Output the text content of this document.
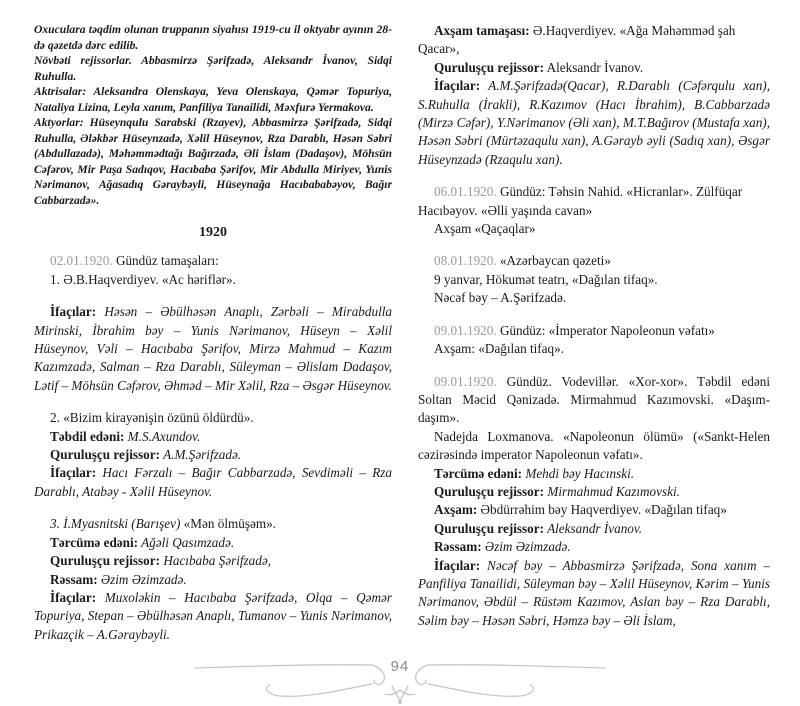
Oxuculara təqdim olunan truppanın siyahısı 1919-cu il oktyabr ayının 28-də qəzetdə dərc edilib.

Növbəti rejissorlar. Abbasmirzə Şərifzadə, Aleksandr İvanov, Sidqi Ruhulla.

Aktrisalar: Aleksandra Olenskaya, Yeva Olenskaya, Qəmər Topuriya, Nataliya Lizina, Leyla xanım, Panfiliya Tanailidi, Məxfurə Yermakova.

Aktyorlar: Hüseynqulu Sarabski (Rzayev), Abbasmirzə Şərifzadə, Sidqi Ruhulla, Ələkbər Hüseynzadə, Xəlil Hüseynov, Rza Darablı, Həsən Səbri (Abdullazadə), Məhəmmədtağı Bağırzadə, Əli İslam (Dadaşov), Möhsün Cəfərov, Mir Paşa Sadıqov, Hacıbaba Şərifov, Mir Abdulla Miriyev, Yunis Nərimanov, Ağasadıq Gəraybəyli, Hüseynağa Hacıbababəyov, Bağır Cabbarzadə».

1920

02.01.1920. Gündüz tamaşaları:

1. Ə.B.Haqverdiyev. «Ac həriflər».

İfaçılar: Həsən – Əbülhəsən Anaplı, Zərbəli – Mirabdulla Mirinski, İbrahim bəy – Yunis Nərimanov, Hüseyn – Xəlil Hüseynov, Vəli – Hacıbaba Şərifov, Mirzə Mahmud – Kazım Kazımzadə, Salman – Rza Darablı, Süleyman – Əlislam Dadaşov, Lətif – Möhsün Cəfərov, Əhməd – Mir Xəlil, Rza – Əsgər Hüseynov.

2. «Bizim kirayənişin özünü öldürdü».

Təbdil edəni: M.S.Axundov.

Quruluşçu rejissor: A.M.Şərifzadə.

İfaçılar: Hacı Fərzalı – Bağır Cabbarzadə, Sevdiməli – Rza Darablı, Atabəy - Xəlil Hüseynov.

3. İ.Myasnitski (Barışev) «Mən ölmüşəm».

Tərcümə edəni: Ağəli Qasımzadə.

Quruluşçu rejissor: Hacıbaba Şərifzadə,

Rəssam: Əzim Əzimzadə.

İfaçılar: Muxoləkin – Hacıbaba Şərifzadə, Olqa – Qəmər Topuriya, Stepan – Əbülhəsən Anaplı, Tumanov – Yunis Nərimanov, Prikazçik – A.Gəraybəyli.

Axşam tamaşası: Ə.Haqverdiyev. «Ağa Məhəmməd şah Qacar»,

Quruluşçu rejissor: Aleksandr İvanov.

İfaçılar: A.M.Şərifzadə(Qacar), R.Darablı (Cəfərqulu xan), S.Ruhulla (İrakli), R.Kazımov (Hacı İbrahim), B.Cabbarzadə (Mirzə Cəfər), Y.Nərimanov (Əli xan), M.T.Bağırov (Mustafa xan), Həsən Səbri (Mürtəzaqulu xan), A.Gərayb əyli (Sadıq xan), Əsgər Hüseynzadə (Rzaqulu xan).

06.01.1920. Gündüz: Təhsin Nahid. «Hicranlar». Zülfüqar Hacıbəyov. «Əlli yaşında cavan»

Axşam «Qaçaqlar»

08.01.1920. «Azərbaycan qəzeti»

9 yanvar, Hökumət teatrı, «Dağılan tifaq».

Nəcəf bəy – A.Şərifzadə.

09.01.1920. Gündüz: «İmperator Napoleonun vəfatı»

Axşam: «Dağılan tifaq».

09.01.1920. Gündüz. Vodevillər. «Xor-xor». Təbdil edəni Soltan Məcid Qənizadə. Mirmahmud Kazımovski. «Daşım-daşım».

Nadejda Loxmanova. «Napoleonun ölümü» («Sankt-Helen cəzirəsində imperator Napoleonun vəfatı».

Tərcümə edəni: Mehdi bəy Hacınski.

Quruluşçu rejissor: Mirmahmud Kazımovski.

Axşam: Əbdürrəhim bəy Haqverdiyev. «Dağılan tifaq»

Quruluşçu rejissor: Aleksandr İvanov.

Rəssam: Əzim Əzimzadə.

İfaçılar: Nəcəf bəy – Abbasmirzə Şərifzadə, Sona xanım – Panfiliya Tanailidi, Süleyman bəy – Xəlil Hüseynov, Kərim – Yunis Nərimanov, Əbdül – Rüstəm Kazımov, Aslan bəy – Rza Darablı, Səlim bəy – Həsən Səbri, Həmzə bəy – Əli İslam,

94
